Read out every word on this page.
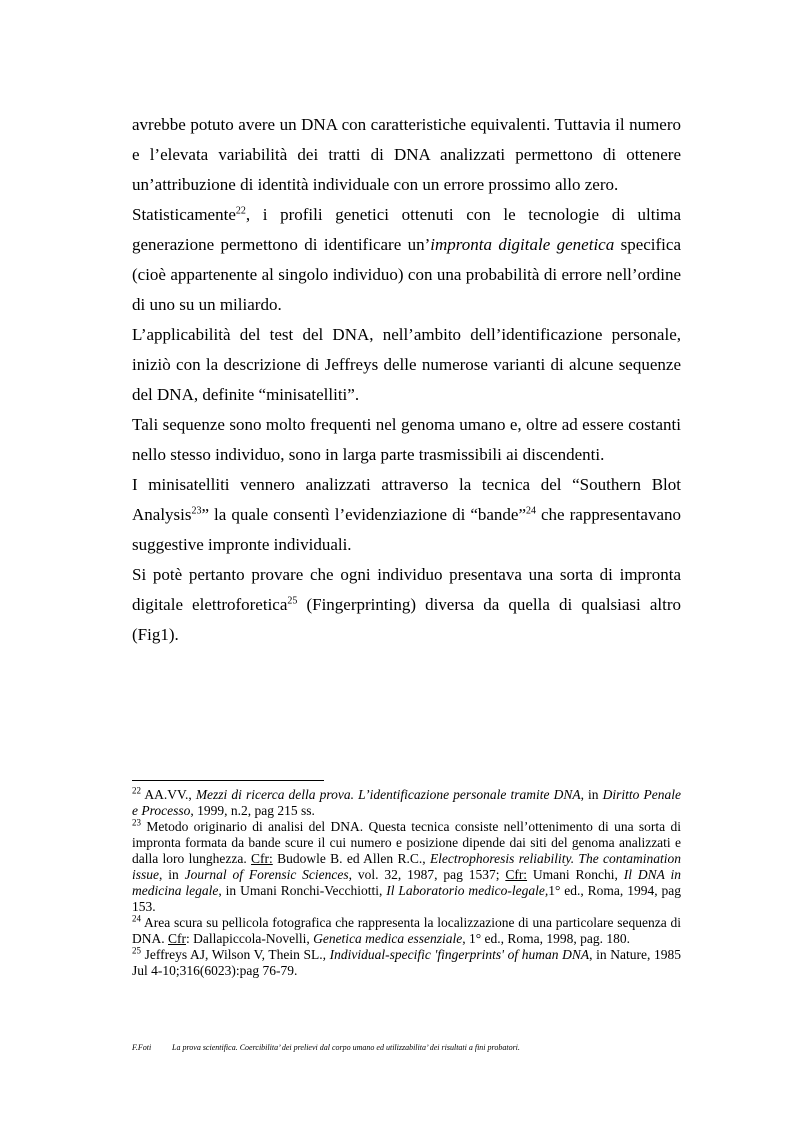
avrebbe potuto avere un DNA con caratteristiche equivalenti. Tuttavia il numero e l’elevata variabilità dei tratti di DNA analizzati permettono di ottenere un’attribuzione di identità individuale con un errore prossimo allo zero.

Statisticamente$^{22}$, i profili genetici ottenuti con le tecnologie di ultima generazione permettono di identificare un’impronta digitale genetica specifica (cioè appartenente al singolo individuo) con una probabilità di errore nell’ordine di uno su un miliardo.

L’applicabilità del test del DNA, nell’ambito dell’identificazione personale, iniziò con la descrizione di Jeffreys delle numerose varianti di alcune sequenze del DNA, definite “minisatelliti”.

Tali sequenze sono molto frequenti nel genoma umano e, oltre ad essere costanti nello stesso individuo, sono in larga parte trasmissibili ai discendenti.

I minisatelliti vennero analizzati attraverso la tecnica del “Southern Blot Analysis$^{23}$” la quale consentì l’evidenziazione di “bande”$^{24}$ che rappresentavano suggestive impronte individuali.

Si potè pertanto provare che ogni individuo presentava una sorta di impronta digitale elettroforetica$^{25}$ (Fingerprinting) diversa da quella di qualsiasi altro (Fig1).

$^{22}$ AA.VV., Mezzi di ricerca della prova. L’identificazione personale tramite DNA, in Diritto Penale e Processo, 1999, n.2, pag 215 ss.

$^{23}$ Metodo originario di analisi del DNA. Questa tecnica consiste nell’ottenimento di una sorta di impronta formata da bande scure il cui numero e posizione dipende dai siti del genoma analizzati e dalla loro lunghezza. Cfr: Budowle B. ed Allen R.C., Electrophoresis reliability. The contamination issue, in Journal of Forensic Sciences, vol. 32, 1987, pag 1537; Cfr: Umani Ronchi, Il DNA in medicina legale, in Umani Ronchi-Vecchiotti, Il Laboratorio medico-legale,1° ed., Roma, 1994, pag 153.

$^{24}$ Area scura su pellicola fotografica che rappresenta la localizzazione di una particolare sequenza di DNA. Cfr: Dallapiccola-Novelli, Genetica medica essenziale, 1° ed., Roma, 1998, pag. 180.

$^{25}$ Jeffreys AJ, Wilson V, Thein SL., Individual-specific 'fingerprints' of human DNA, in Nature, 1985 Jul 4-10;316(6023):pag 76-79.

F.Foti	La prova scientifica. Coercibilita’ dei prelievi dal corpo umano ed utilizzabilita’ dei risultati a fini probatori.
